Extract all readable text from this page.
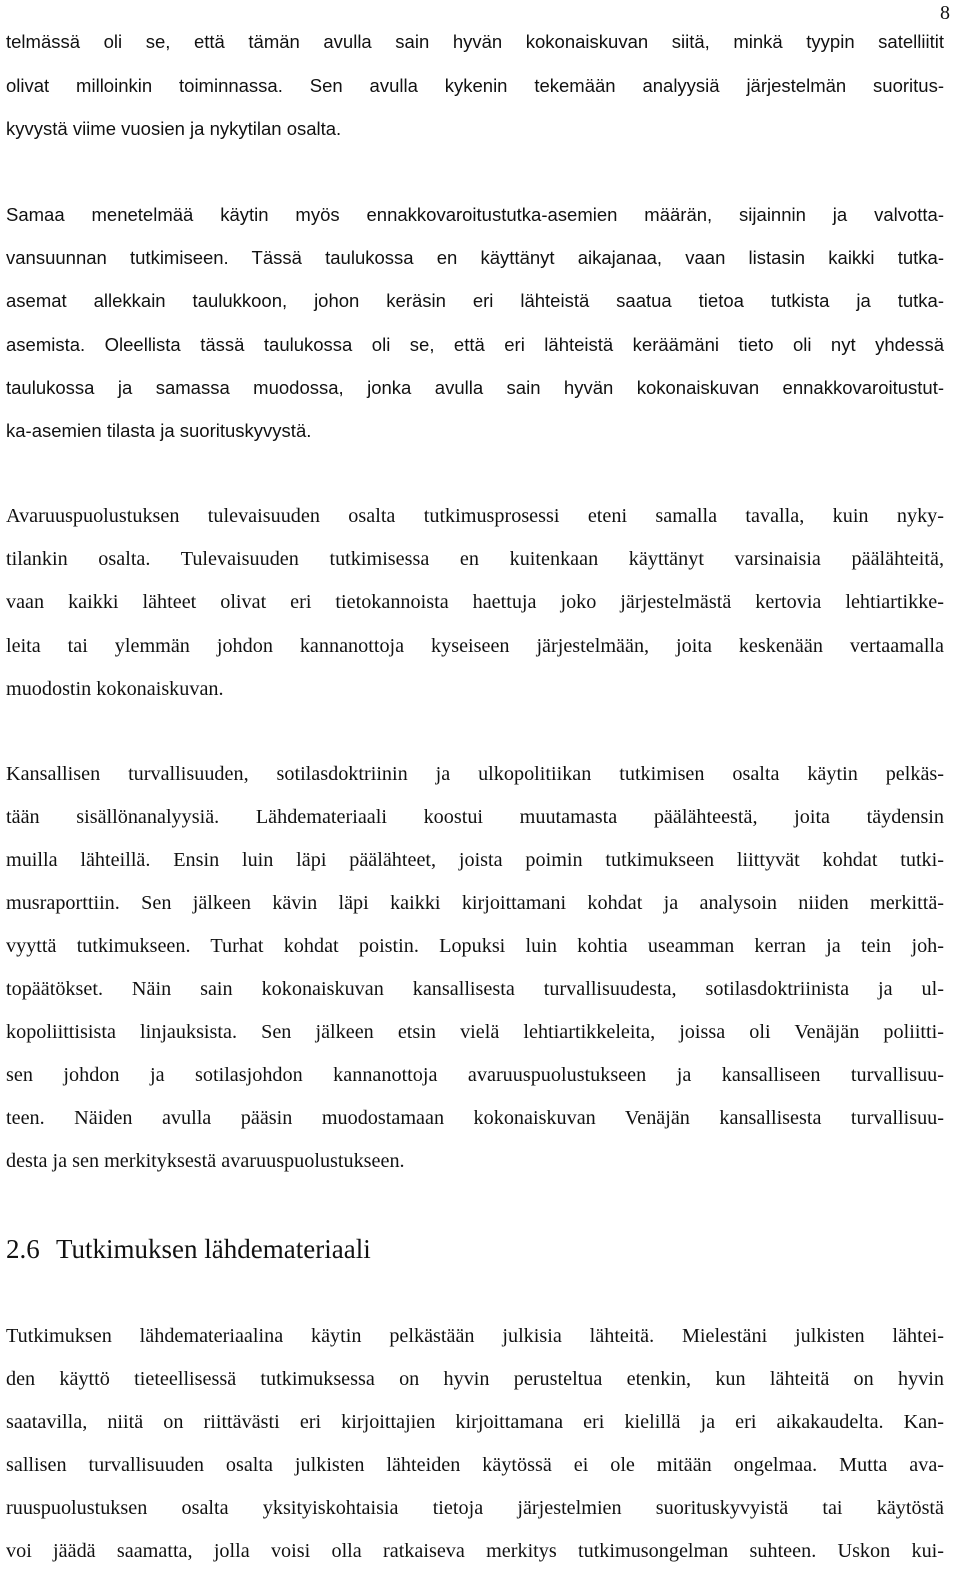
8
telmässä oli se, että tämän avulla sain hyvän kokonaiskuvan siitä, minkä tyypin satelliitit
olivat milloinkin toiminnassa. Sen avulla kykenin tekemään analyysiä järjestelmän suoritus-
kyvystä viime vuosien ja nykytilan osalta.
Samaa menetelmää käytin myös ennakkovaroitustutka-asemien määrän, sijainnin ja valvotta-
vansuunnan tutkimiseen. Tässä taulukossa en käyttänyt aikajanaa, vaan listasin kaikki tutka-
asemat allekkain taulukkoon, johon keräsin eri lähteistä saatua tietoa tutkista ja tutka-
asemista. Oleellista tässä taulukossa oli se, että eri lähteistä keräämäni tieto oli nyt yhdessä
taulukossa ja samassa muodossa, jonka avulla sain hyvän kokonaiskuvan ennakkovaroitustut-
ka-asemien tilasta ja suorituskyvystä.
Avaruuspuolustuksen tulevaisuuden osalta tutkimusprosessi eteni samalla tavalla, kuin nyky-
tilankin osalta. Tulevaisuuden tutkimisessa en kuitenkaan käyttänyt varsinaisia päälähteitä,
vaan kaikki lähteet olivat eri tietokannoista haettuja joko järjestelmästä kertovia lehtiartikke-
leita tai ylemmän johdon kannanottoja kyseiseen järjestelmään, joita keskenään vertaamalla
muodostin kokonaiskuvan.
Kansallisen turvallisuuden, sotilasdoktriinin ja ulkopolitiikan tutkimisen osalta käytin pelkäs-
tään sisällönanalyysiä. Lähdemateriaali koostui muutamasta päälähteestä, joita täydensin
muilla lähteillä. Ensin luin läpi päälähteet, joista poimin tutkimukseen liittyvät kohdat tutki-
musraporttiin. Sen jälkeen kävin läpi kaikki kirjoittamani kohdat ja analysoin niiden merkittä-
vyyttä tutkimukseen. Turhat kohdat poistin. Lopuksi luin kohtia useamman kerran ja tein joh-
topäätökset. Näin sain kokonaiskuvan kansallisesta turvallisuudesta, sotilasdoktriinista ja ul-
kopoliittisista linjauksista. Sen jälkeen etsin vielä lehtiartikkeleita, joissa oli Venäjän poliitti-
sen johdon ja sotilasjohdon kannanottoja avaruuspuolustukseen ja kansalliseen turvallisuu-
teen. Näiden avulla pääsin muodostamaan kokonaiskuvan Venäjän kansallisesta turvallisuu-
desta ja sen merkityksestä avaruuspuolustukseen.
2.6 Tutkimuksen lähdemateriaali
Tutkimuksen lähdemateriaalina käytin pelkästään julkisia lähteitä. Mielestäni julkisten lähtei-
den käyttö tieteellisessä tutkimuksessa on hyvin perusteltua etenkin, kun lähteitä on hyvin
saatavilla, niitä on riittävästi eri kirjoittajien kirjoittamana eri kielillä ja eri aikakaudelta. Kan-
sallisen turvallisuuden osalta julkisten lähteiden käytössä ei ole mitään ongelmaa. Mutta ava-
ruuspuolustuksen osalta yksityiskohtaisia tietoja järjestelmien suorituskyvyistä tai käytöstä
voi jäädä saamatta, jolla voisi olla ratkaiseva merkitys tutkimusongelman suhteen. Uskon kui-
